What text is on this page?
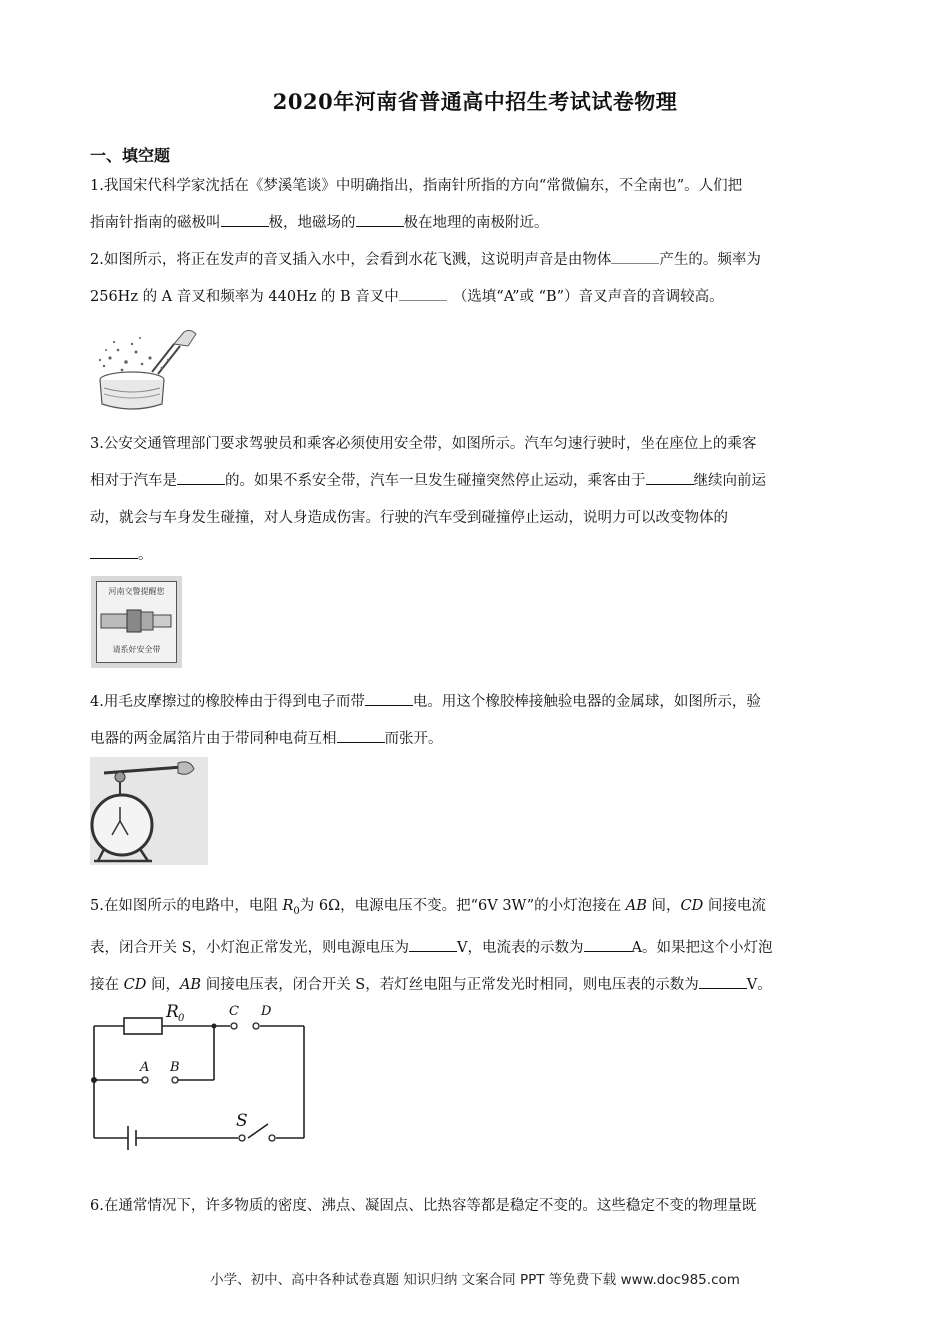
2020年河南省普通高中招生考试试卷物理
一、填空题
1.我国宋代科学家沈括在《梦溪笔谈》中明确指出，指南针所指的方向“常微偏东，不全南也”。人们把
指南针指南的磁极叫	极，地磁场的	极在地理的南极附近。
2.如图所示，将正在发声的音叉插入水中，会看到水花飞溅，这说明声音是由物体	产生的。频率为
256Hz 的 A 音叉和频率为 440Hz 的 B 音叉中	（选填“A”或 “B”）音叉声音的音调较高。
3.公安交通管理部门要求驾驶员和乘客必须使用安全带，如图所示。汽车匀速行驶时，坐在座位上的乘客
相对于汽车是	的。如果不系安全带，汽车一旦发生碰撞突然停止运动，乘客由于	继续向前运
动，就会与车身发生碰撞，对人身造成伤害。行驶的汽车受到碰撞停止运动，说明力可以改变物体的
。
河南交警提醒您
请系好安全带
4.用毛皮摩擦过的橡胶棒由于得到电子而带	电。用这个橡胶棒接触验电器的金属球，如图所示，验
电器的两金属箔片由于带同种电荷互相	而张开。
5.在如图所示的电路中，电阻 $R_0$为 6Ω，电源电压不变。把“6V 3W”的小灯泡接在 AB 间，CD 间接电流
表，闭合开关 S，小灯泡正常发光，则电源电压为	V，电流表的示数为	A。如果把这个小灯泡
接在 CD 间，AB 间接电压表，闭合开关 S，若灯丝电阻与正常发光时相同，则电压表的示数为	V。
R 0	C D
A B
S
6.在通常情况下，许多物质的密度、沸点、凝固点、比热容等都是稳定不变的。这些稳定不变的物理量既
小学、初中、高中各种试卷真题 知识归纳 文案合同 PPT 等免费下载 www.doc985.com
